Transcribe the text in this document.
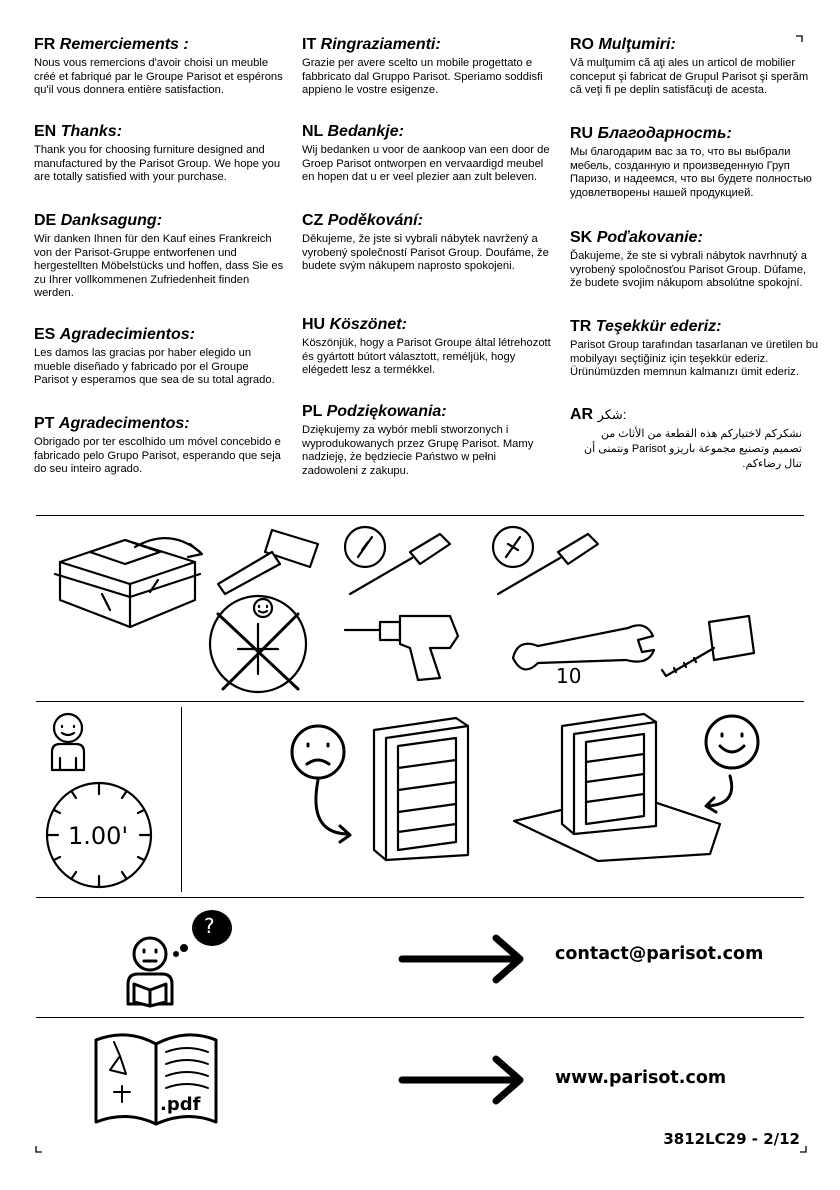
FR Remerciements :

Nous vous remercions d'avoir choisi un meuble créé et fabriqué par le Groupe Parisot et espérons qu'il vous donnera entière satisfaction.

EN Thanks:

Thank you for choosing furniture designed and manufactured by the Parisot Group. We hope you are totally satisfied with your purchase.

DE Danksagung:

Wir danken Ihnen für den Kauf eines Frankreich von der Parisot-Gruppe entworfenen und hergestellten Möbelstücks und hoffen, dass Sie es zu Ihrer vollkommenen Zufriedenheit finden werden.

ES Agradecimientos:

Les damos las gracias por haber elegido un mueble diseñado y fabricado por el Groupe Parisot y esperamos que sea de su total agrado.

PT Agradecimentos:

Obrigado por ter escolhido um móvel concebido e fabricado pelo Grupo Parisot, esperando que seja do seu inteiro agrado.

IT Ringraziamenti:

Grazie per avere scelto un mobile progettato e fabbricato dal Gruppo Parisot. Speriamo soddisfi appieno le vostre esigenze.

NL Bedankje:

Wij bedanken u voor de aankoop van een door de Groep Parisot ontworpen en vervaardigd meubel en hopen dat u er veel plezier aan zult beleven.

CZ Poděkování:

Děkujeme, že jste si vybrali nábytek navržený a vyrobený společností Parisot Group. Doufáme, že budete svým nákupem naprosto spokojeni.

HU Köszönet:

Köszönjük, hogy a Parisot Groupe által létrehozott és gyártott bútort választott, reméljük, hogy elégedett lesz a termékkel.

PL Podziękowania:

Dziękujemy za wybór mebli stworzonych i wyprodukowanych przez Grupę Parisot. Mamy nadzieję, że będziecie Państwo w pełni zadowoleni z zakupu.

RO Mulţumiri:

Vă mulţumim că aţi ales un articol de mobilier conceput şi fabricat de Grupul Parisot şi sperăm că veţi fi pe deplin satisfăcuţi de acesta.

RU Благодарность:

Мы благодарим вас за то, что вы выбрали мебель, созданную и произведенную Груп Паризо, и надеемся, что вы будете полностью удовлетворены нашей продукцией.

SK Poďakovanie:

Ďakujeme, že ste si vybrali nábytok navrhnutý a vyrobený spoločnosťou Parisot Group. Dúfame, že budete svojim nákupom absolútne spokojní.

TR Teşekkür ederiz:

Parisot Group tarafından tasarlanan ve üretilen bu mobilyayı seçtiğiniz için teşekkür ederiz. Ürünümüzden memnun kalmanızı ümit ederiz.

AR شكر:

نشكركم لاختياركم هذه القطعة من الأثاث من تصميم وتصنيع مجموعة باريزو Parisot ونتمنى أن تنال رضاءكم.

10
1.00'
?
contact@parisot.com
.pdf
www.parisot.com
3812LC29 - 2/12
